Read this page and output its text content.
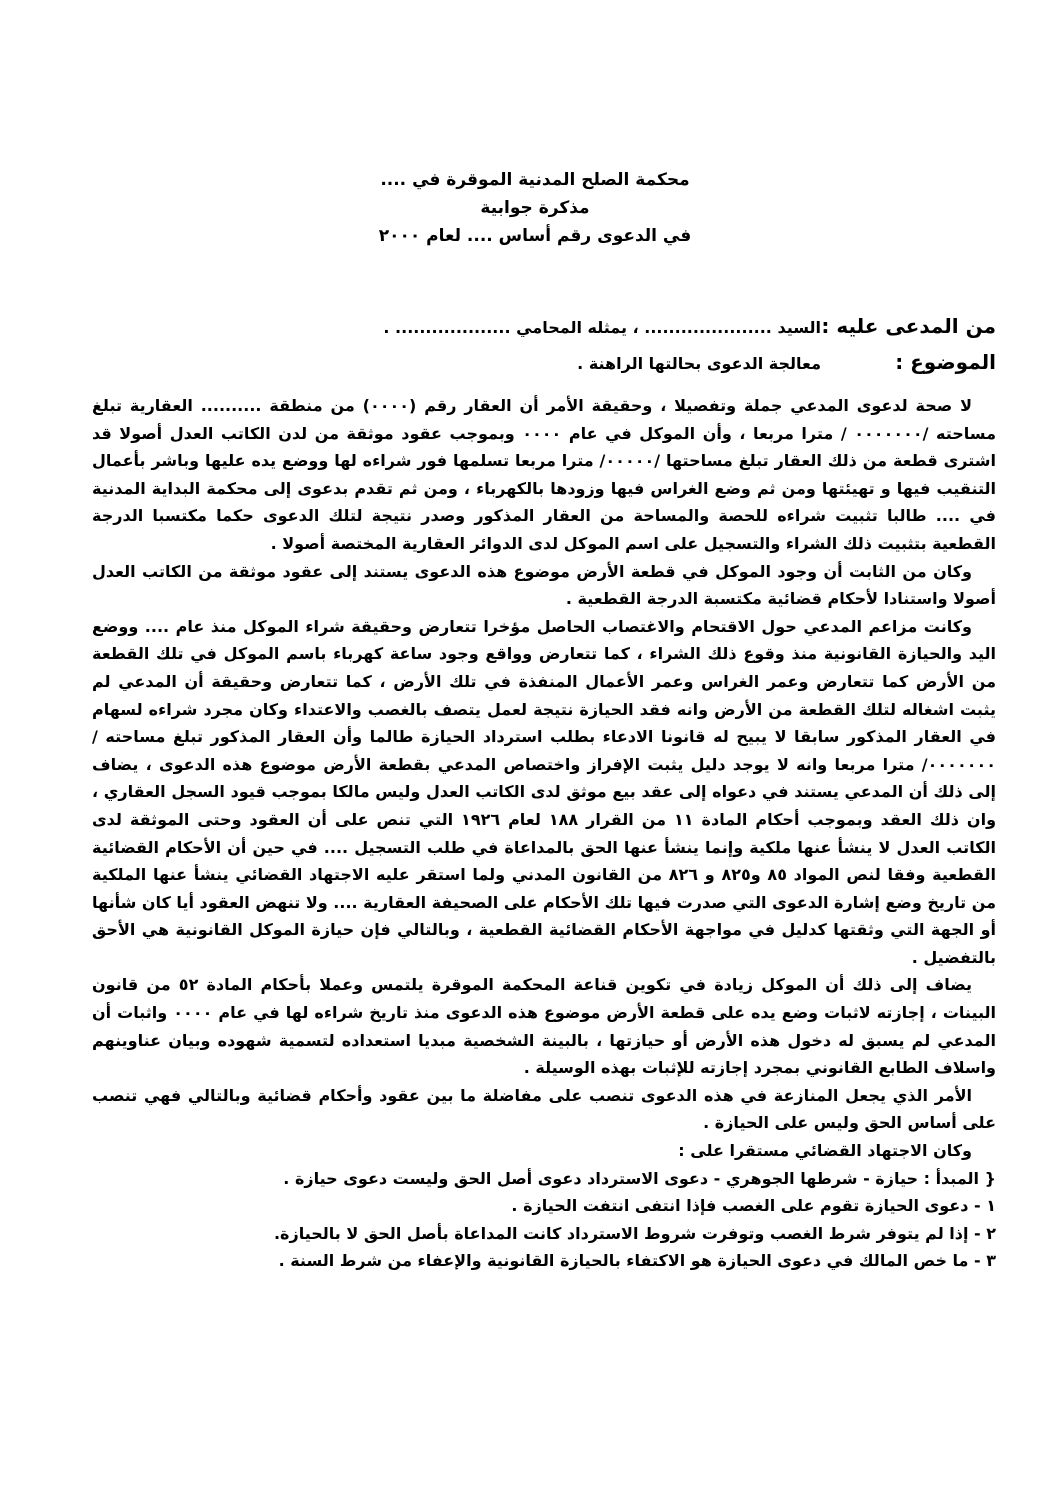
محكمة الصلح المدنية الموقرة في ....
مذكرة جوابية
في الدعوى رقم أساس .... لعام ٢٠٠٠
من المدعى عليه :السيد ..................... ، يمثله المحامي ................... .
الموضوع :معالجة الدعوى بحالتها الراهنة .

لا صحة لدعوى المدعي جملة وتفصيلا ، وحقيقة الأمر أن العقار رقم (٠٠٠٠) من منطقة .......... العقارية تبلغ مساحته /٠٠٠٠٠٠٠ / مترا مربعا ، وأن الموكل في عام ٠٠٠٠ وبموجب عقود موثقة من لدن الكاتب العدل أصولا قد اشترى قطعة من ذلك العقار تبلغ مساحتها /٠٠٠٠٠/ مترا مربعا تسلمها فور شراءه لها ووضع يده عليها وباشر بأعمال التنقيب فيها و تهيئتها ومن ثم وضع الغراس فيها وزودها بالكهرباء ، ومن ثم تقدم بدعوى إلى محكمة البداية المدنية في .... طالبا تثبيت شراءه للحصة والمساحة من العقار المذكور وصدر نتيجة لتلك الدعوى حكما مكتسبا الدرجة القطعية بتثبيت ذلك الشراء والتسجيل على اسم الموكل لدى الدوائر العقارية المختصة أصولا .

وكان من الثابت أن وجود الموكل في قطعة الأرض موضوع هذه الدعوى يستند إلى عقود موثقة من الكاتب العدل أصولا واستنادا لأحكام قضائية مكتسبة الدرجة القطعية .

وكانت مزاعم المدعي حول الاقتحام والاغتصاب الحاصل مؤخرا تتعارض وحقيقة شراء الموكل منذ عام .... ووضع اليد والحيازة القانونية منذ وقوع ذلك الشراء ، كما تتعارض وواقع وجود ساعة كهرباء باسم الموكل في تلك القطعة من الأرض كما تتعارض وعمر الغراس وعمر الأعمال المنفذة في تلك الأرض ، كما تتعارض وحقيقة أن المدعي لم يثبت اشغاله لتلك القطعة من الأرض وانه فقد الحيازة نتيجة لعمل يتصف بالغصب والاعتداء وكان مجرد شراءه لسهام في العقار المذكور سابقا لا يبيح له قانونا الادعاء بطلب استرداد الحيازة طالما وأن العقار المذكور تبلغ مساحته /٠٠٠٠٠٠٠/ مترا مربعا وانه لا يوجد دليل يثبت الإفراز واختصاص المدعي بقطعة الأرض موضوع هذه الدعوى ، يضاف إلى ذلك أن المدعي يستند في دعواه إلى عقد بيع موثق لدى الكاتب العدل وليس مالكا بموجب قيود السجل العقاري ، وان ذلك العقد وبموجب أحكام المادة ١١ من القرار ١٨٨ لعام ١٩٢٦ التي تنص على أن العقود وحتى الموثقة لدى الكاتب العدل لا ينشأ عنها ملكية وإنما ينشأ عنها الحق بالمداعاة في طلب التسجيل .... في حين أن الأحكام القضائية القطعية وفقا لنص المواد ٨٥ و٨٢٥ و ٨٢٦ من القانون المدني ولما استقر عليه الاجتهاد القضائي ينشأ عنها الملكية من تاريخ وضع إشارة الدعوى التي صدرت فيها تلك الأحكام على الصحيفة العقارية .... ولا تنهض العقود أيا كان شأنها أو الجهة التي وثقتها كدليل في مواجهة الأحكام القضائية القطعية ، وبالتالي فإن حيازة الموكل القانونية هي الأحق بالتفضيل .

يضاف إلى ذلك أن الموكل زيادة في تكوين قناعة المحكمة الموقرة يلتمس وعملا بأحكام المادة ٥٢ من قانون البينات ، إجازته لاثبات وضع يده على قطعة الأرض موضوع هذه الدعوى منذ تاريخ شراءه لها في عام ٠٠٠٠ واثبات أن المدعي لم يسبق له دخول هذه الأرض أو حيازتها ، بالبينة الشخصية مبديا استعداده لتسمية شهوده وبيان عناوينهم واسلاف الطابع القانوني بمجرد إجازته للإثبات بهذه الوسيلة .

الأمر الذي يجعل المنازعة في هذه الدعوى تنصب على مفاضلة ما بين عقود وأحكام قضائية وبالتالي فهي تنصب على أساس الحق وليس على الحيازة .

وكان الاجتهاد القضائي مستقرا على :

{ المبدأ : حيازة - شرطها الجوهري - دعوى الاسترداد دعوى أصل الحق وليست دعوى حيازة .

١ - دعوى الحيازة تقوم على الغصب فإذا انتفى انتفت الحيازة .

٢ - إذا لم يتوفر شرط الغصب وتوفرت شروط الاسترداد كانت المداعاة بأصل الحق لا بالحيازة.

٣ - ما خص المالك في دعوى الحيازة هو الاكتفاء بالحيازة القانونية والإعفاء من شرط السنة .
